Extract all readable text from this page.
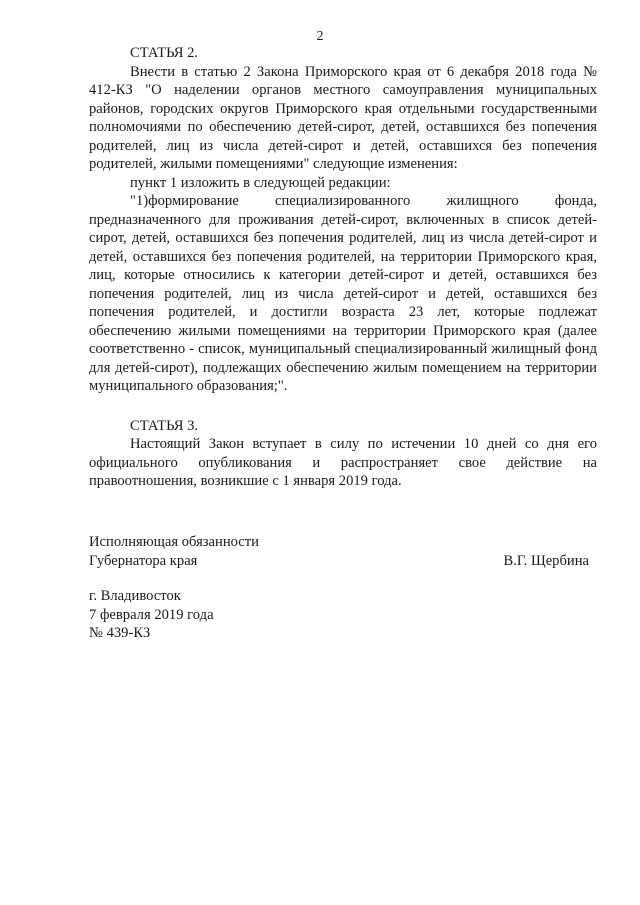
2

СТАТЬЯ 2.

Внести в статью 2 Закона Приморского края от 6 декабря 2018 года № 412-КЗ "О наделении органов местного самоуправления муниципальных районов, городских округов Приморского края отдельными государственными полномочиями по обеспечению детей-сирот, детей, оставшихся без попечения родителей, лиц из числа детей-сирот и детей, оставшихся без попечения родителей, жилыми помещениями" следующие изменения:

пункт 1 изложить в следующей редакции:

"1)формирование специализированного жилищного фонда, предназначенного для проживания детей-сирот, включенных в список детей-сирот, детей, оставшихся без попечения родителей, лиц из числа детей-сирот и детей, оставшихся без попечения родителей, на территории Приморского края, лиц, которые относились к категории детей-сирот и детей, оставшихся без попечения родителей, лиц из числа детей-сирот и детей, оставшихся без попечения родителей, и достигли возраста 23 лет, которые подлежат обеспечению жилыми помещениями на территории Приморского края (далее соответственно - список, муниципальный специализированный жилищный фонд для детей-сирот), подлежащих обеспечению жилым помещением на территории муниципального образования;".

СТАТЬЯ 3.

Настоящий Закон вступает в силу по истечении 10 дней со дня его официального опубликования и распространяет свое действие на правоотношения, возникшие с 1 января 2019 года.

Исполняющая обязанности
Губернатора края	В.Г. Щербина
г. Владивосток
7 февраля 2019 года
№ 439-КЗ
